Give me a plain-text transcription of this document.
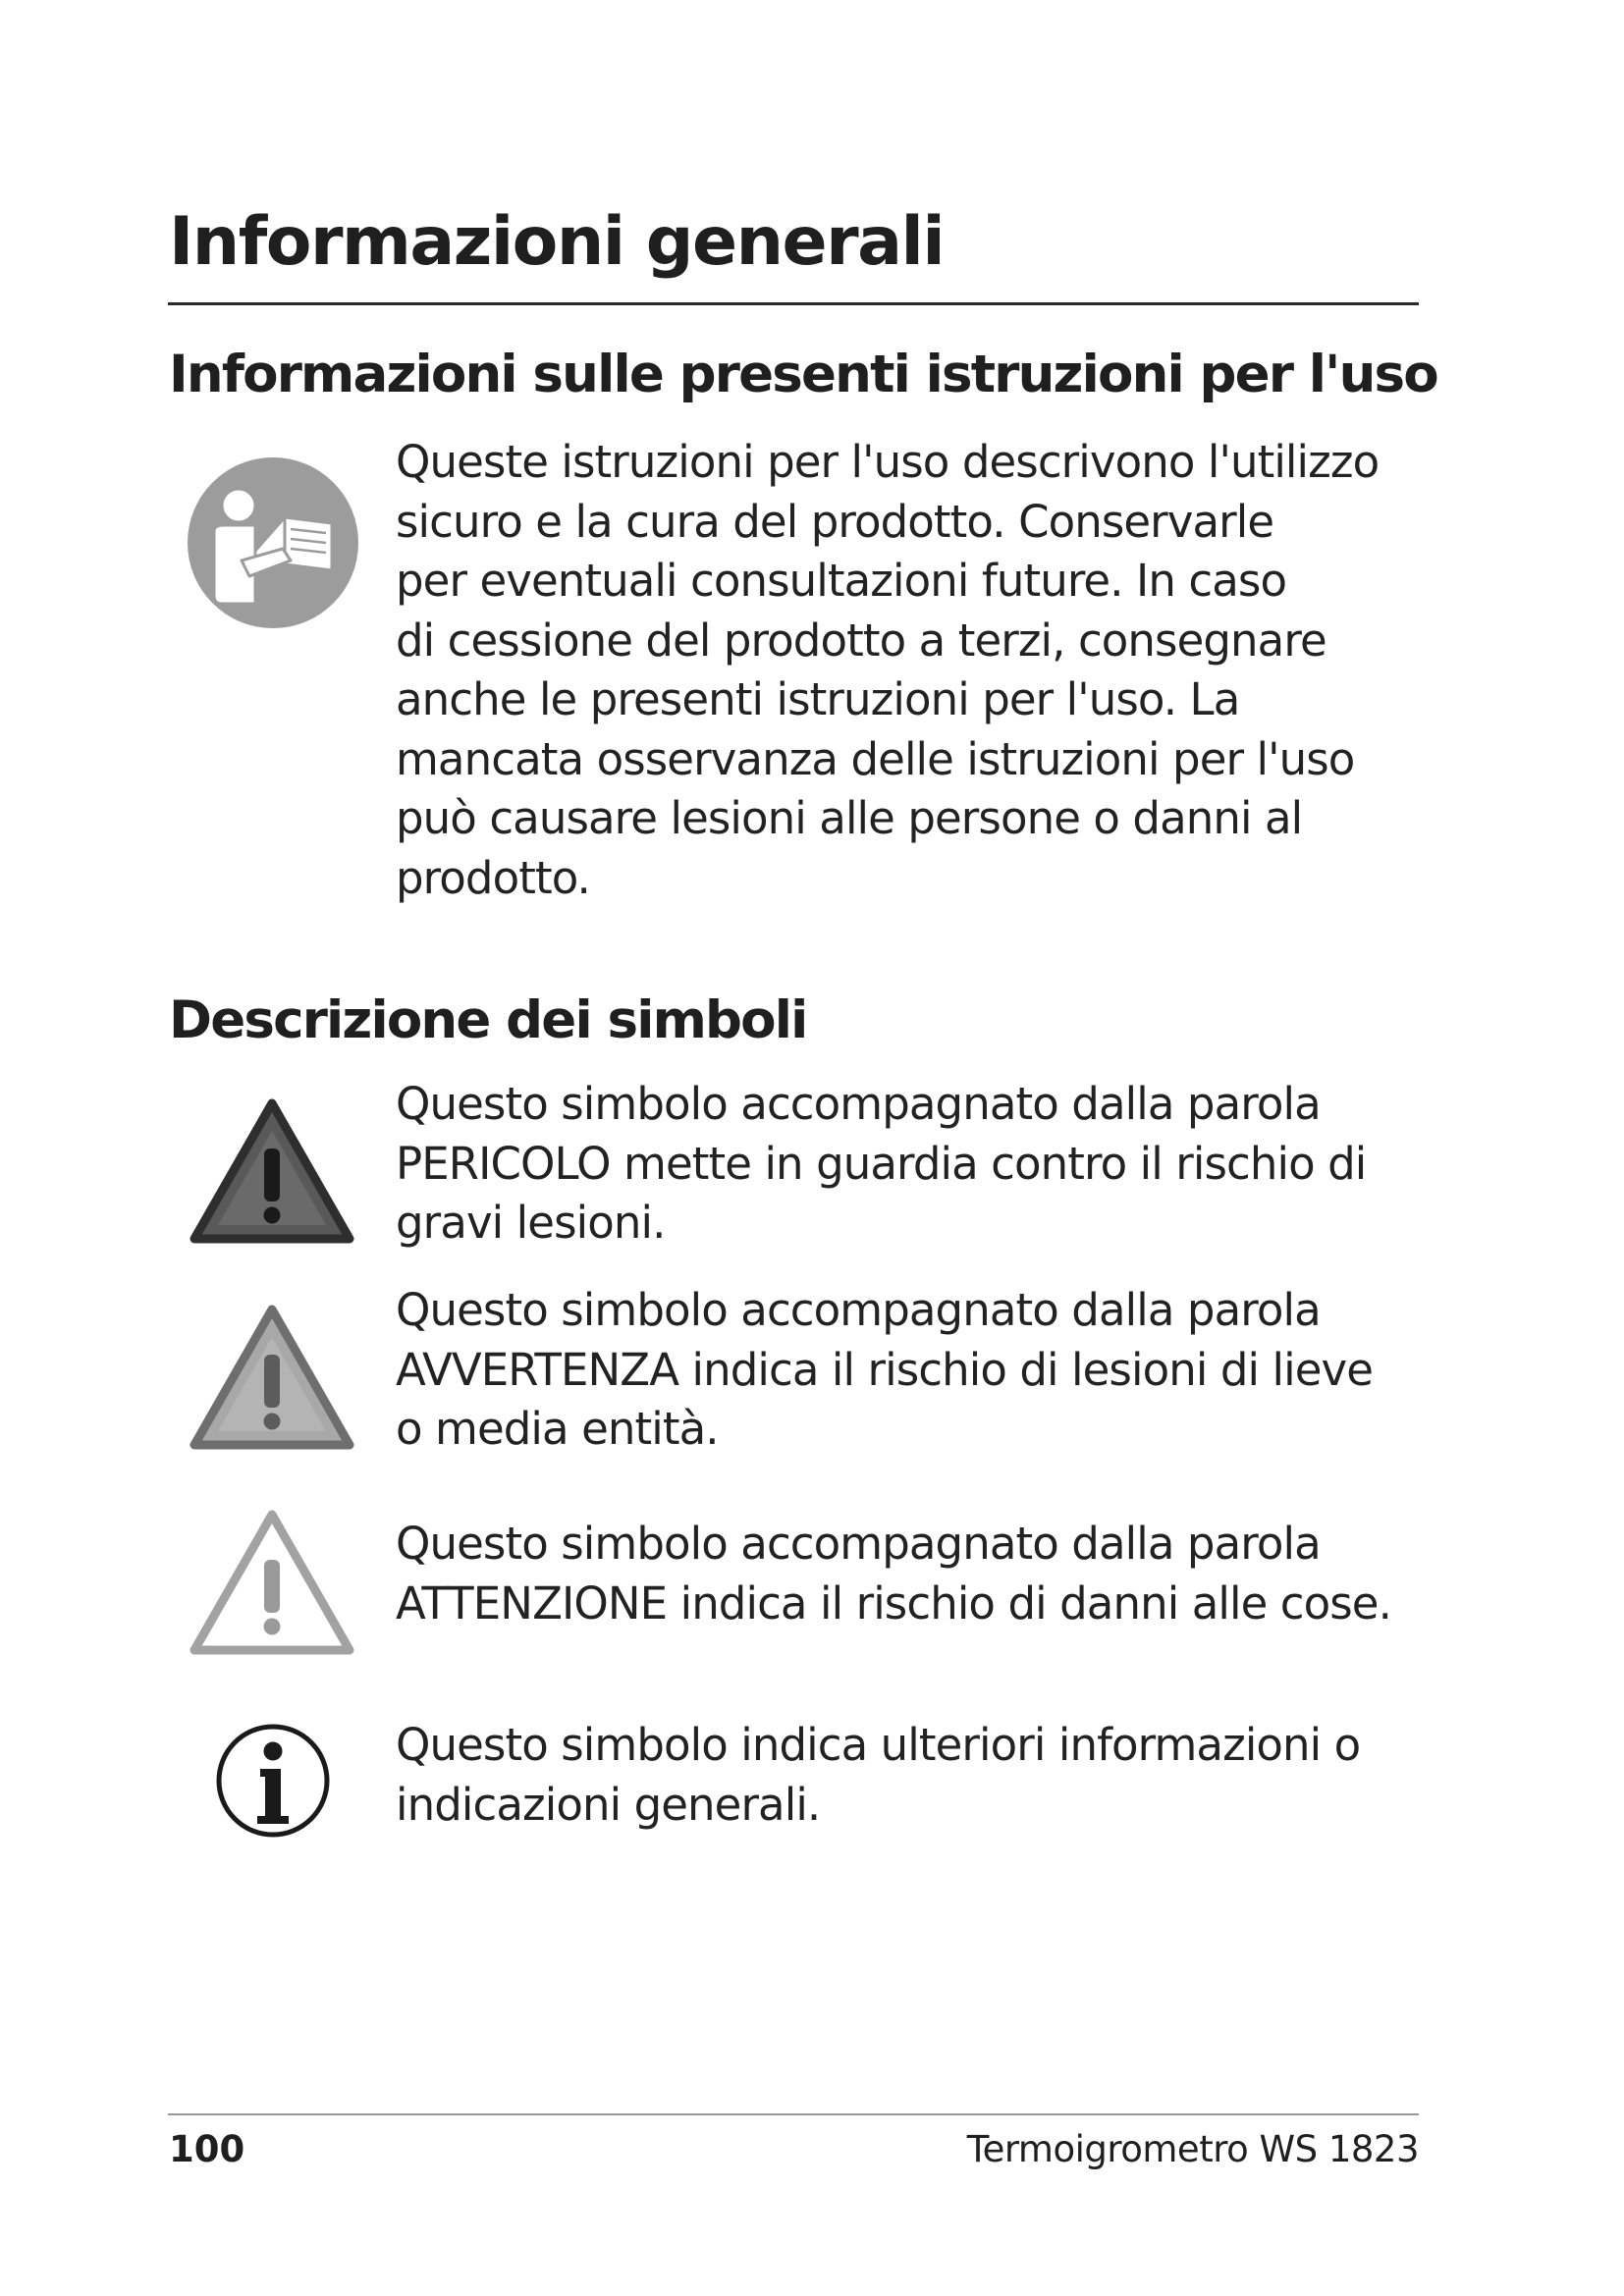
Informazioni generali
Informazioni sulle presenti istruzioni per l'uso
Queste istruzioni per l'uso descrivono l'utilizzo
sicuro e la cura del prodotto. Conservarle
per eventuali consultazioni future. In caso
di cessione del prodotto a terzi, consegnare
anche le presenti istruzioni per l'uso. La
mancata osservanza delle istruzioni per l'uso
può causare lesioni alle persone o danni al
prodotto.
Descrizione dei simboli
Questo simbolo accompagnato dalla parola
PERICOLO mette in guardia contro il rischio di
gravi lesioni.
Questo simbolo accompagnato dalla parola
AVVERTENZA indica il rischio di lesioni di lieve
o media entità.
Questo simbolo accompagnato dalla parola
ATTENZIONE indica il rischio di danni alle cose.
Questo simbolo indica ulteriori informazioni o
indicazioni generali.
100	Termoigrometro WS 1823
